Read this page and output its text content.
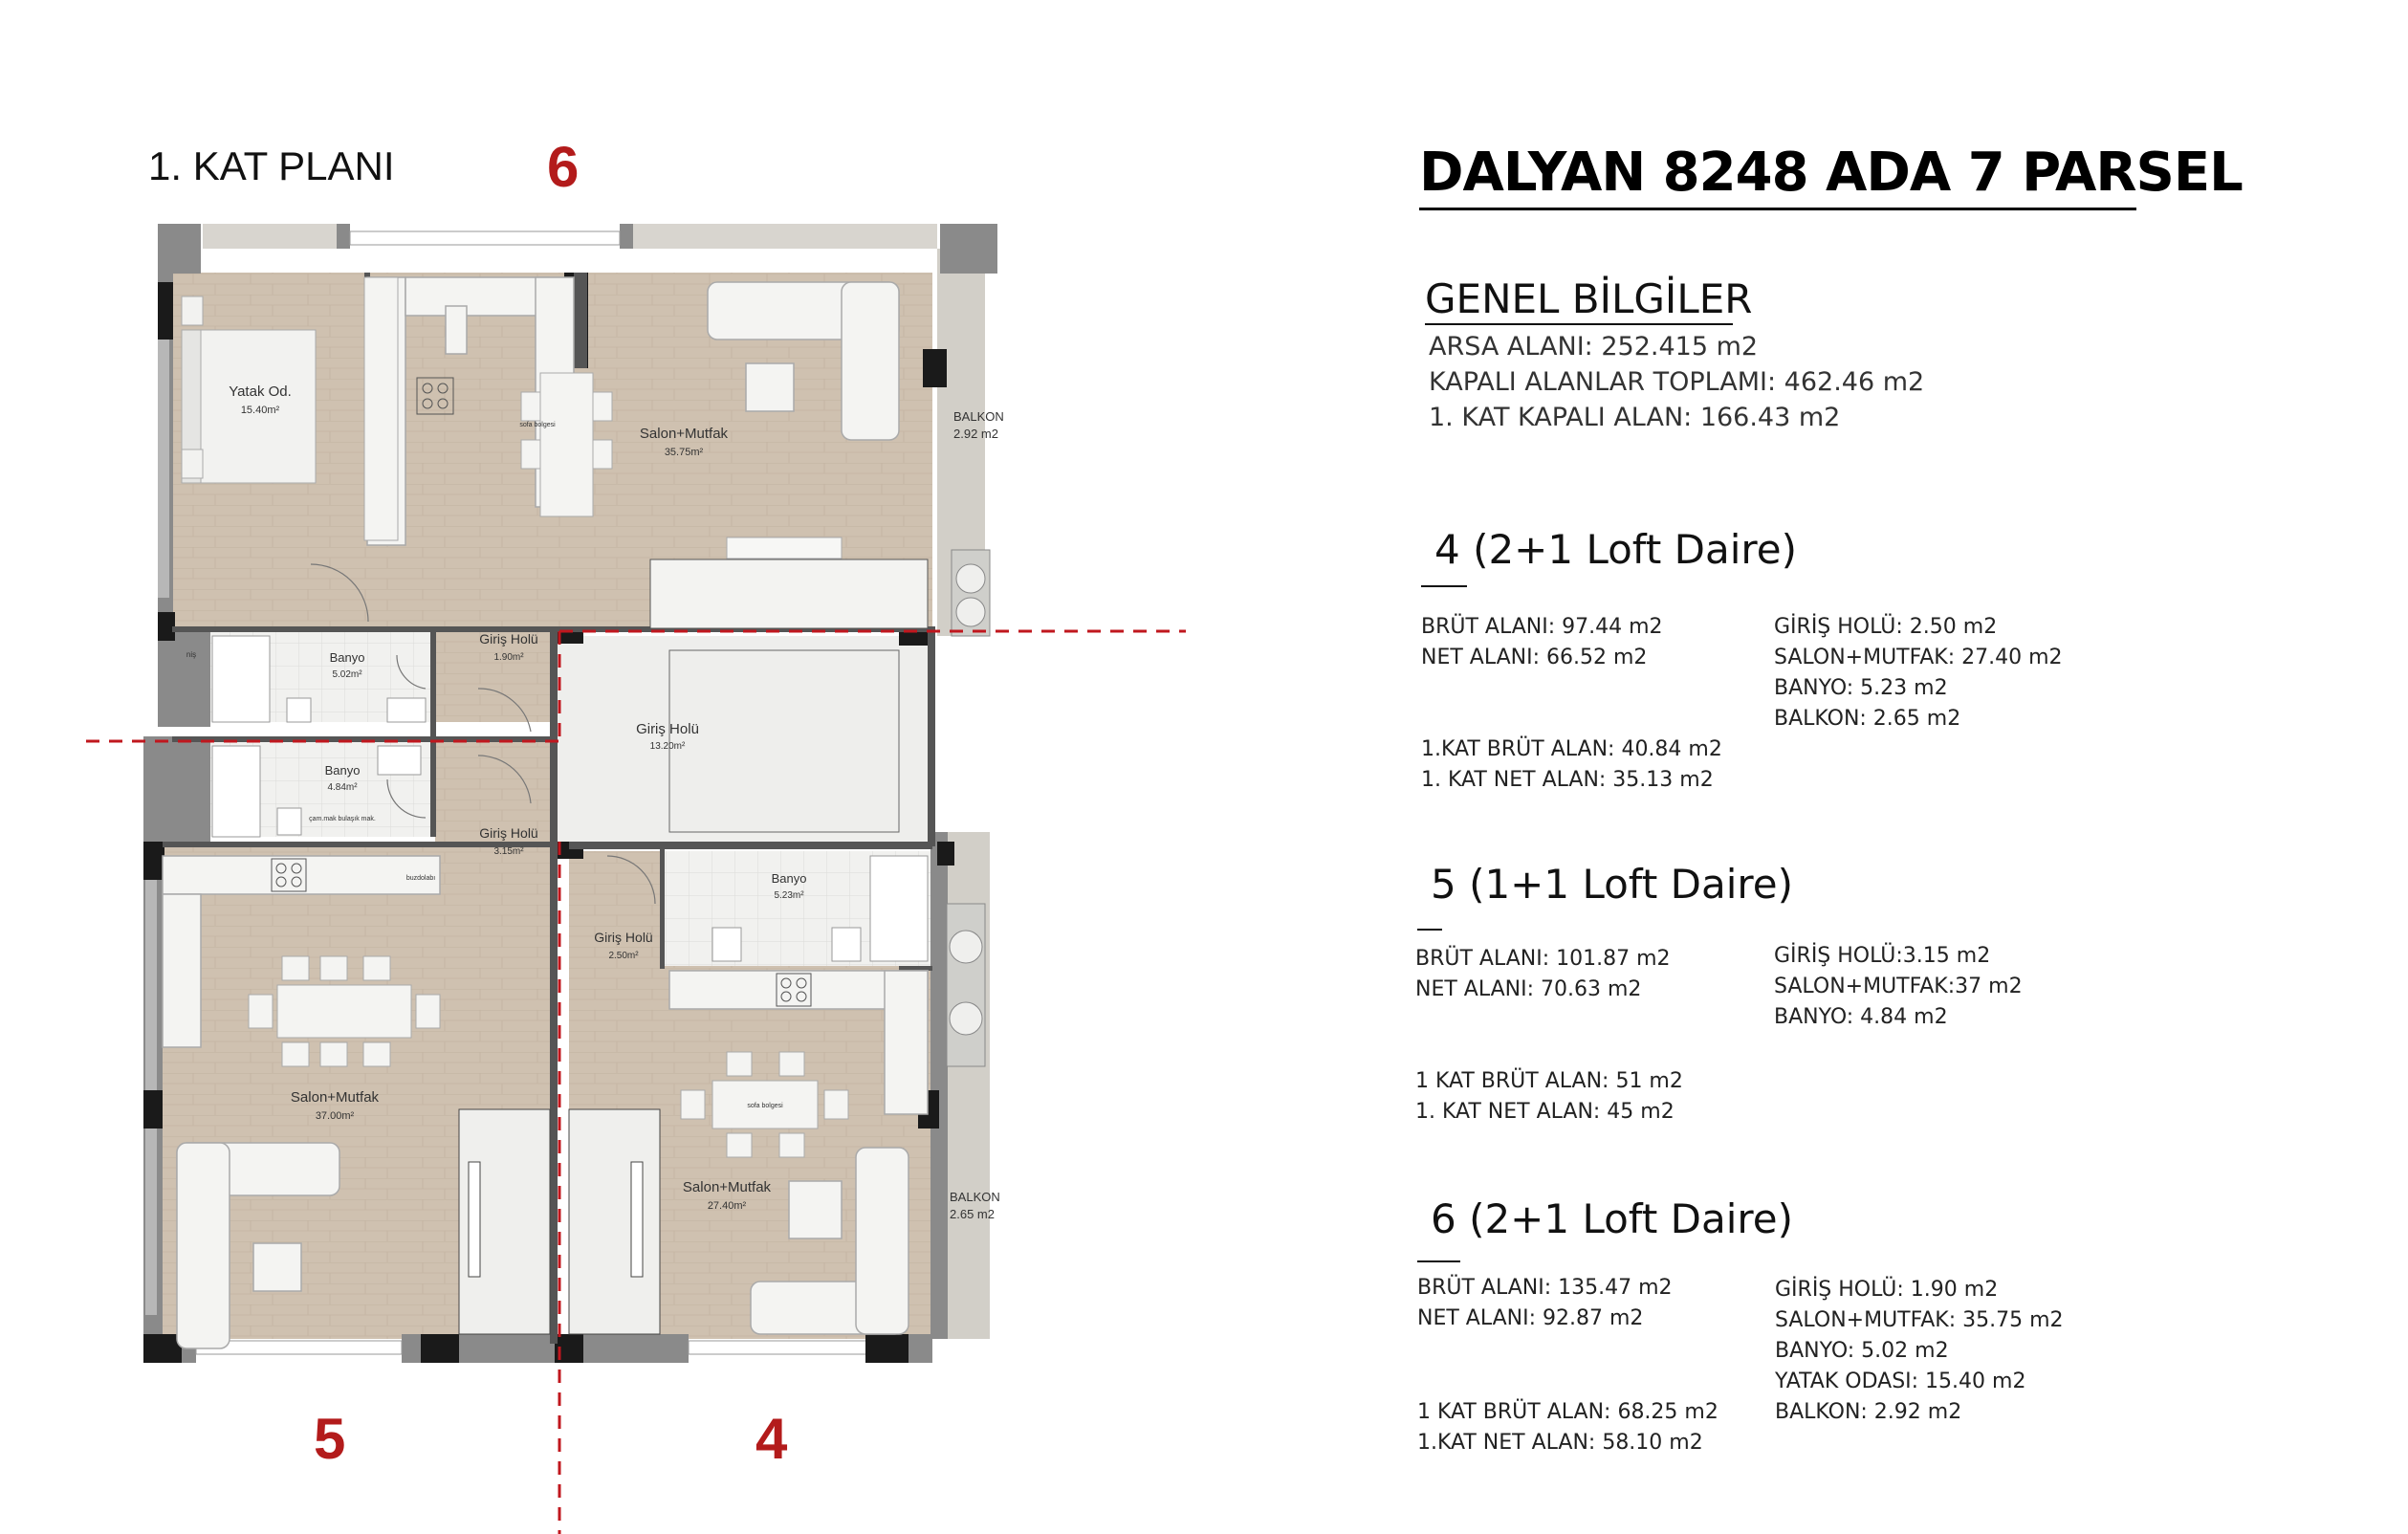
Yatak Od.
15.40m²
Salon+Mutfak
35.75m²
BALKON
2.92 m2
Banyo
5.02m²
Giriş Holü
1.90m²
Giriş Holü
13.20m²
Banyo
4.84m²
Giriş Holü
3.15m²
Banyo
5.23m²
Giriş Holü
2.50m²
Salon+Mutfak
37.00m²
Salon+Mutfak
27.40m²
BALKON
2.65 m2
sofa bolgesi
buzdolabı
çam.mak bulaşık mak.
sofa bolgesi
niş
1. KAT PLANI	6
5	4
DALYAN 8248 ADA 7 PARSEL
GENEL BİLGİLER
ARSA ALANI: 252.415 m2
KAPALI ALANLAR TOPLAMI: 462.46 m2
1. KAT KAPALI ALAN: 166.43 m2
4 (2+1 Loft Daire)
BRÜT ALANI: 97.44 m2
NET ALANI: 66.52 m2
GİRİŞ HOLÜ: 2.50 m2
SALON+MUTFAK: 27.40 m2
BANYO: 5.23 m2
BALKON: 2.65 m2
1.KAT BRÜT ALAN: 40.84 m2
1. KAT NET ALAN: 35.13 m2
5 (1+1 Loft Daire)
BRÜT ALANI: 101.87 m2
NET ALANI: 70.63 m2
GİRİŞ HOLÜ:3.15 m2
SALON+MUTFAK:37 m2
BANYO: 4.84 m2
1 KAT BRÜT ALAN: 51 m2
1. KAT NET ALAN: 45 m2
6 (2+1 Loft Daire)
BRÜT ALANI: 135.47 m2
NET ALANI: 92.87 m2
GİRİŞ HOLÜ: 1.90 m2
SALON+MUTFAK: 35.75 m2
BANYO: 5.02 m2
YATAK ODASI: 15.40 m2
BALKON: 2.92 m2
1 KAT BRÜT ALAN: 68.25 m2
1.KAT NET ALAN: 58.10 m2
